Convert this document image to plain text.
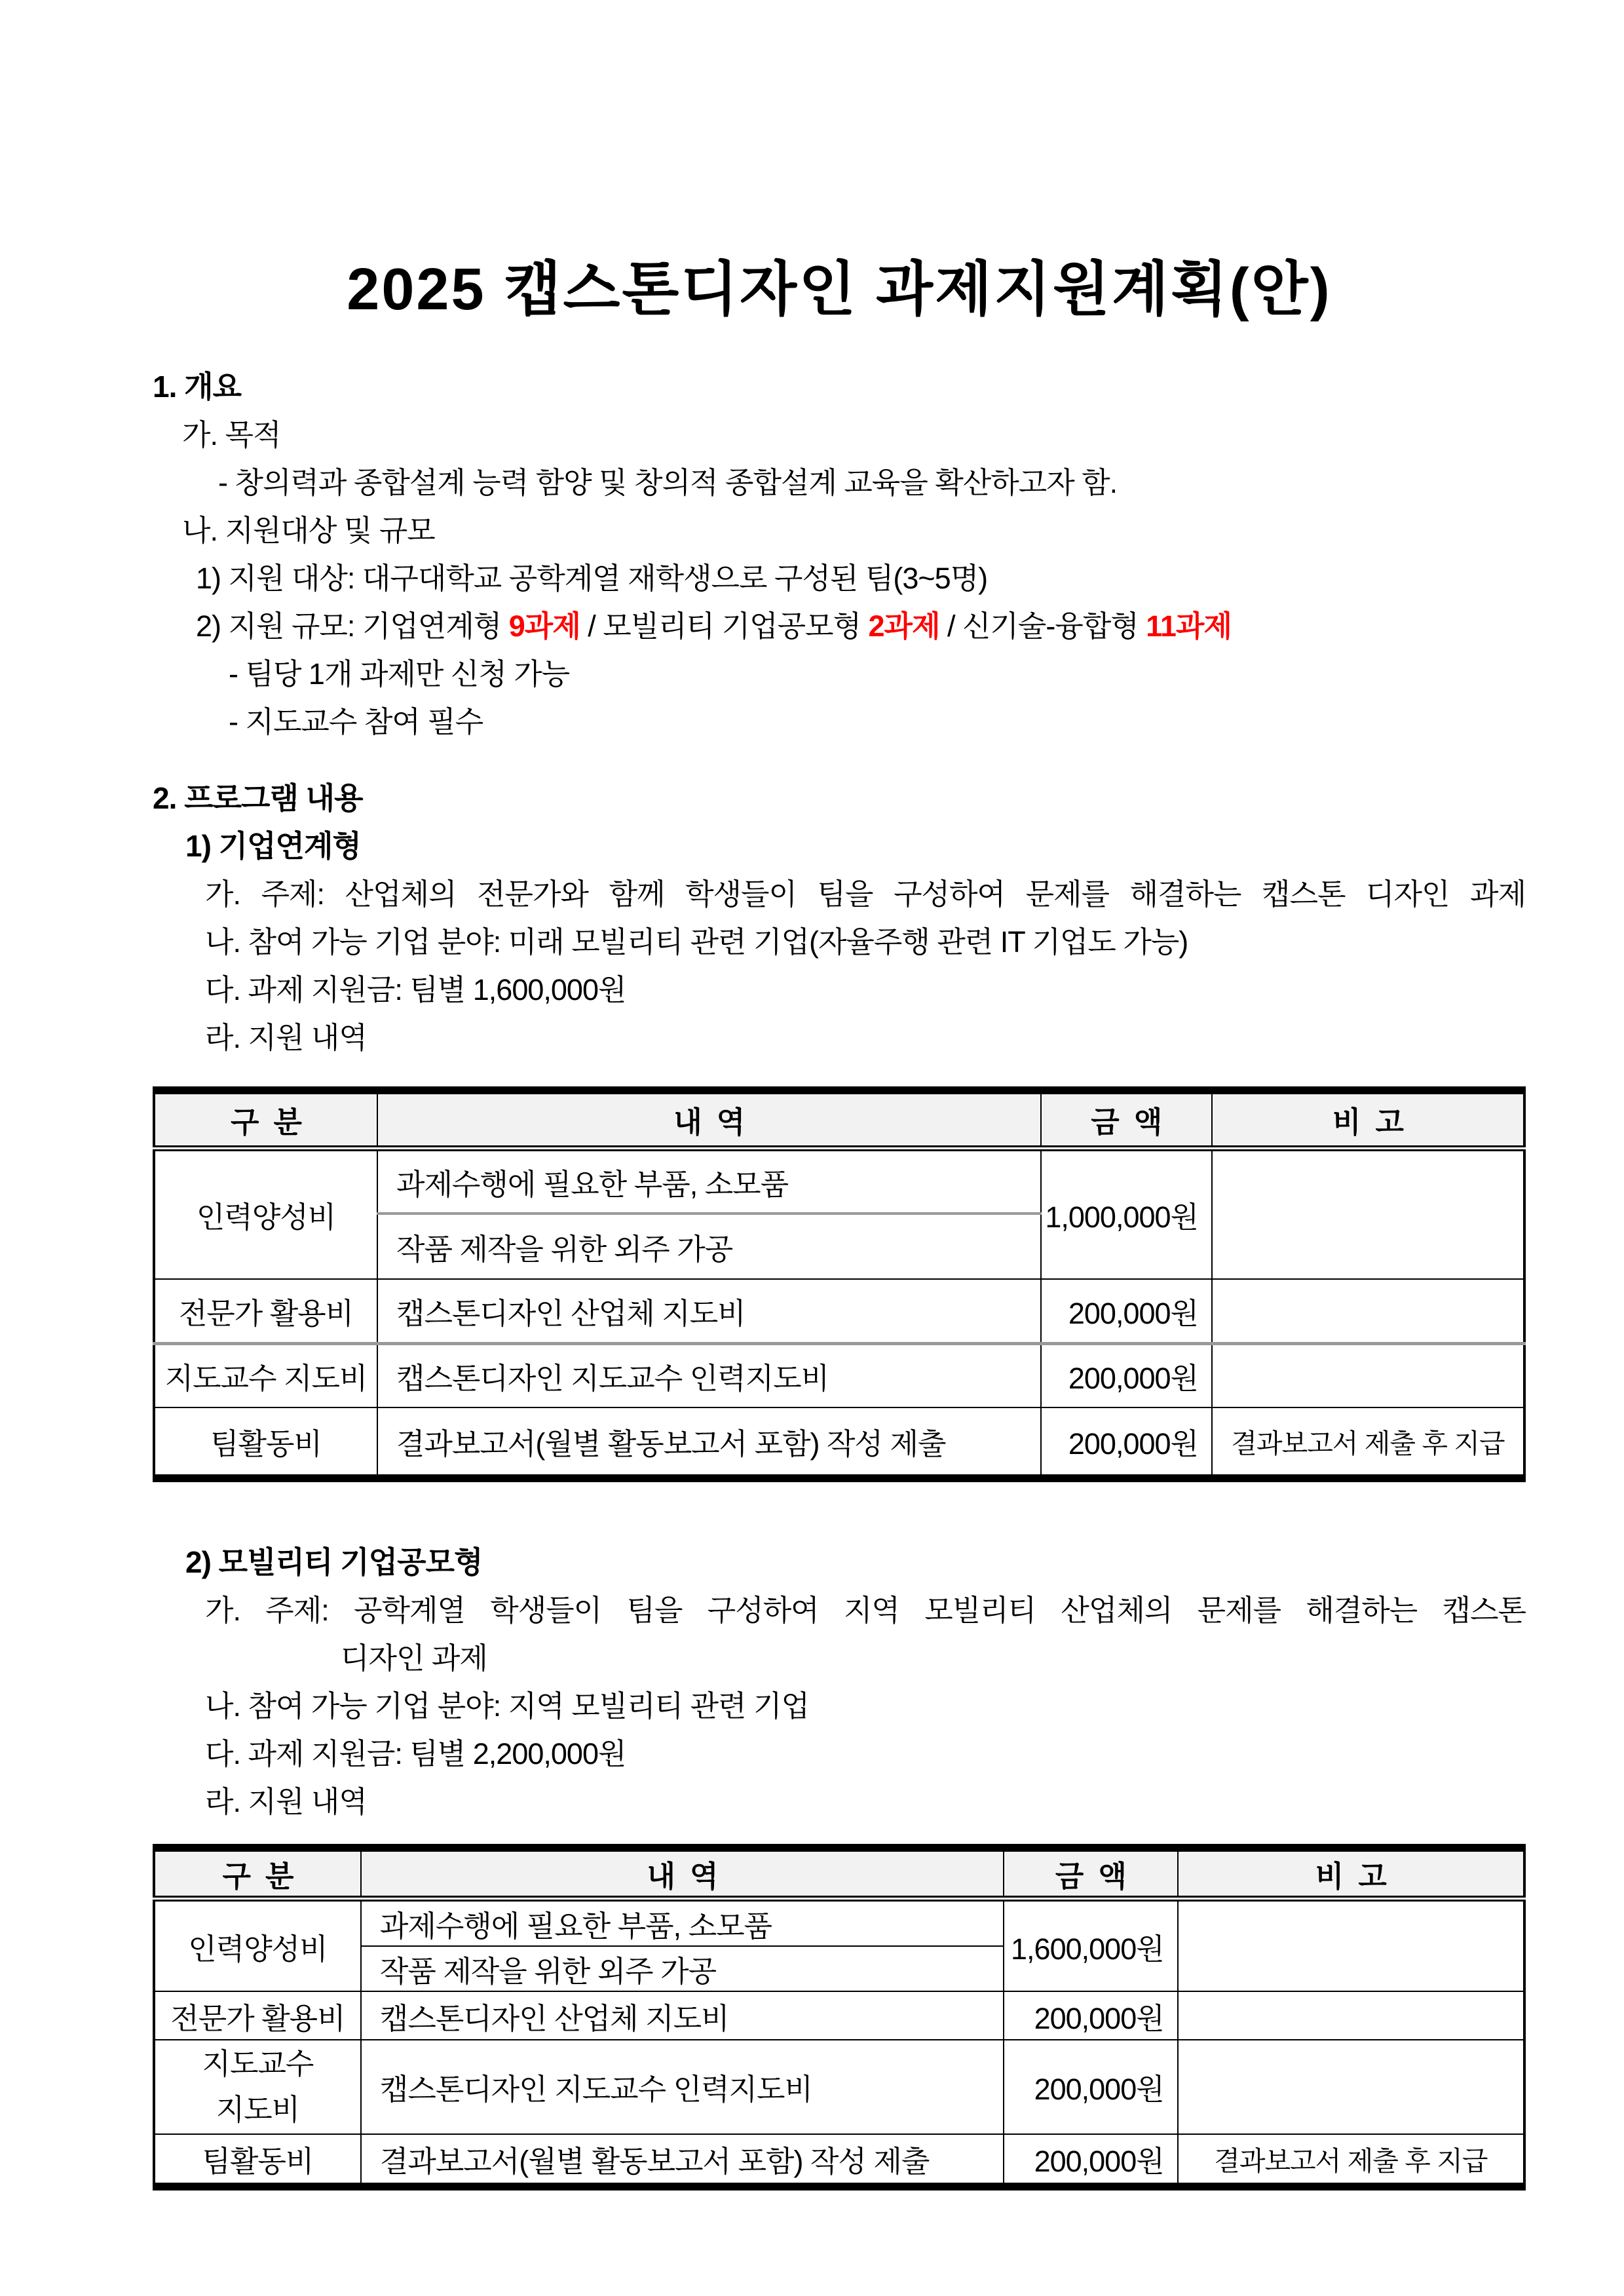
2025 캡스톤디자인 과제지원계획(안)
1. 개요
가. 목적
- 창의력과 종합설계 능력 함양 및 창의적 종합설계 교육을 확산하고자 함.
나. 지원대상 및 규모
1) 지원 대상: 대구대학교 공학계열 재학생으로 구성된 팀(3~5명)
2) 지원 규모: 기업연계형 9과제 / 모빌리티 기업공모형 2과제 / 신기술-융합형 11과제
- 팀당 1개 과제만 신청 가능
- 지도교수 참여 필수
2. 프로그램 내용
1) 기업연계형
가. 주제: 산업체의 전문가와 함께 학생들이 팀을 구성하여 문제를 해결하는 캡스톤 디자인 과제
나. 참여 가능 기업 분야: 미래 모빌리티 관련 기업(자율주행 관련 IT 기업도 가능)
다. 과제 지원금: 팀별 1,600,000원
라. 지원 내역
구  분	내  역	금  액	비  고
인력양성비	과제수행에 필요한 부품, 소모품	1,000,000원	
	작품 제작을 위한 외주 가공		
전문가 활용비	캡스톤디자인 산업체 지도비	200,000원	
지도교수 지도비	캡스톤디자인 지도교수 인력지도비	200,000원	
팀활동비	결과보고서(월별 활동보고서 포함) 작성 제출	200,000원	결과보고서 제출 후 지급
2) 모빌리티 기업공모형
가. 주제: 공학계열 학생들이 팀을 구성하여 지역 모빌리티 산업체의 문제를 해결하는 캡스톤
디자인 과제
나. 참여 가능 기업 분야: 지역 모빌리티 관련 기업
다. 과제 지원금: 팀별 2,200,000원
라. 지원 내역
구  분	내  역	금  액	비  고
인력양성비	과제수행에 필요한 부품, 소모품	1,600,000원	
	작품 제작을 위한 외주 가공		
전문가 활용비	캡스톤디자인 산업체 지도비	200,000원	
지도교수
지도비	캡스톤디자인 지도교수 인력지도비	200,000원	
팀활동비	결과보고서(월별 활동보고서 포함) 작성 제출	200,000원	결과보고서 제출 후 지급
